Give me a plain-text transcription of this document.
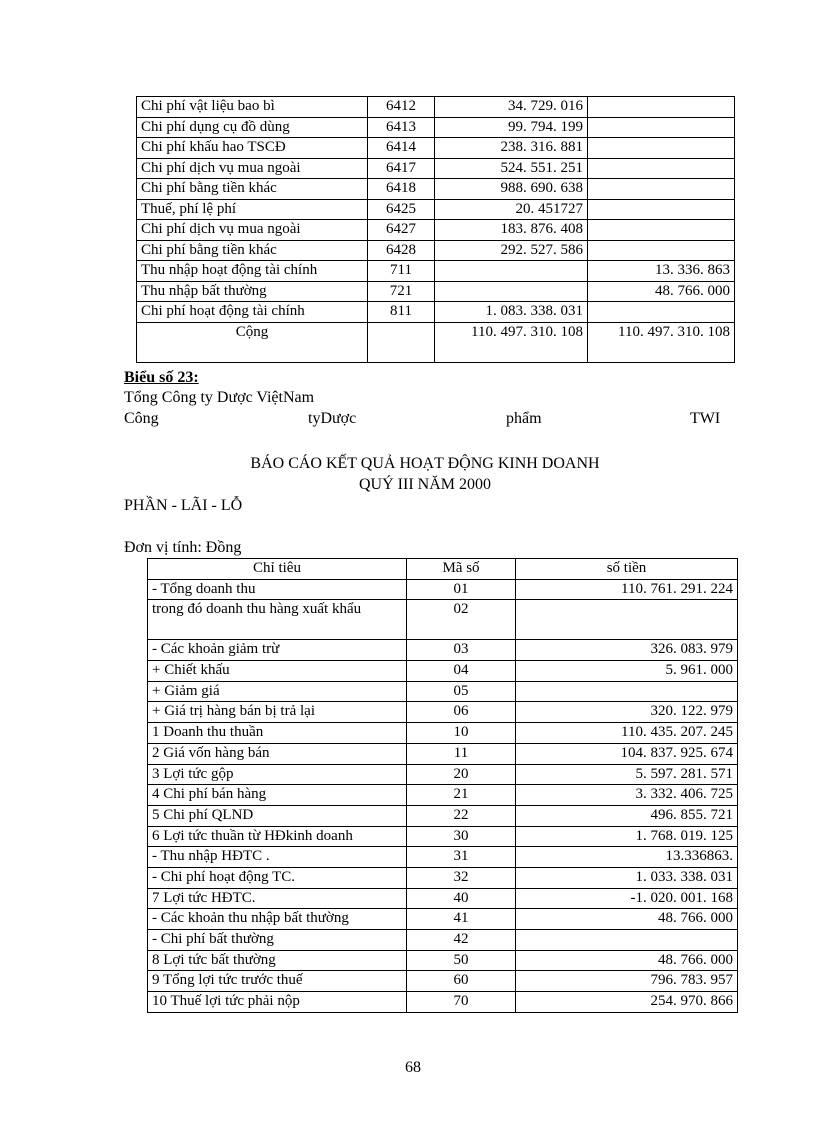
Chi phí vật liệu bao bì	6412	34. 729. 016	
Chi phí dụng cụ đồ dùng	6413	99. 794. 199	
Chi phí khấu hao TSCĐ	6414	238. 316. 881	
Chi phí dịch vụ mua ngoài	6417	524. 551. 251	
Chi phí bằng tiền khác	6418	988. 690. 638	
Thuế, phí lệ phí	6425	20. 451727	
Chi phí dịch vụ mua ngoài	6427	183. 876. 408	
Chi phí bằng tiền khác	6428	292. 527. 586	
Thu nhập hoạt động tài chính	711		13. 336. 863
Thu nhập bất thường	721		48. 766. 000
Chi phí hoạt động tài chính	811	1. 083. 338. 031	
Cộng		110. 497. 310. 108	110. 497. 310. 108
Biểu số 23:
Tổng Công ty Dược ViệtNam
Công	tyDược	phẩm	TWI
BÁO CÁO KẾT QUẢ HOẠT ĐỘNG KINH DOANH
QUÝ III NĂM 2000
PHẦN - LÃI - LỖ
Đơn vị tính: Đồng
Chỉ tiêu	Mã số	số tiền
- Tổng doanh thu	01	110. 761. 291. 224
trong đó doanh thu hàng xuất khẩu	02	
- Các khoản giảm trừ	03	326. 083. 979
+ Chiết khấu	04	5. 961. 000
+ Giảm giá	05	
+ Giá trị hàng bán bị trả lại	06	320. 122. 979
1 Doanh thu thuần	10	110. 435. 207. 245
2 Giá vốn hàng bán	11	104. 837. 925. 674
3 Lợi tức gộp	20	5. 597. 281. 571
4 Chi phí bán hàng	21	3. 332. 406. 725
5 Chi phí QLND	22	496. 855. 721
6 Lợi tức thuần từ HĐkinh doanh	30	1. 768. 019. 125
- Thu nhập HĐTC .	31	13.336863.
- Chi phí hoạt động TC.	32	1. 033. 338. 031
7 Lợi tức HĐTC.	40	-1. 020. 001. 168
- Các khoản thu nhập bất thường	41	48. 766. 000
- Chi phí bất thường	42	
8 Lợi tức bất thường	50	48. 766. 000
9 Tổng lợi tức trước thuế	60	796. 783. 957
10 Thuế lợi tức phải nộp	70	254. 970. 866
68
